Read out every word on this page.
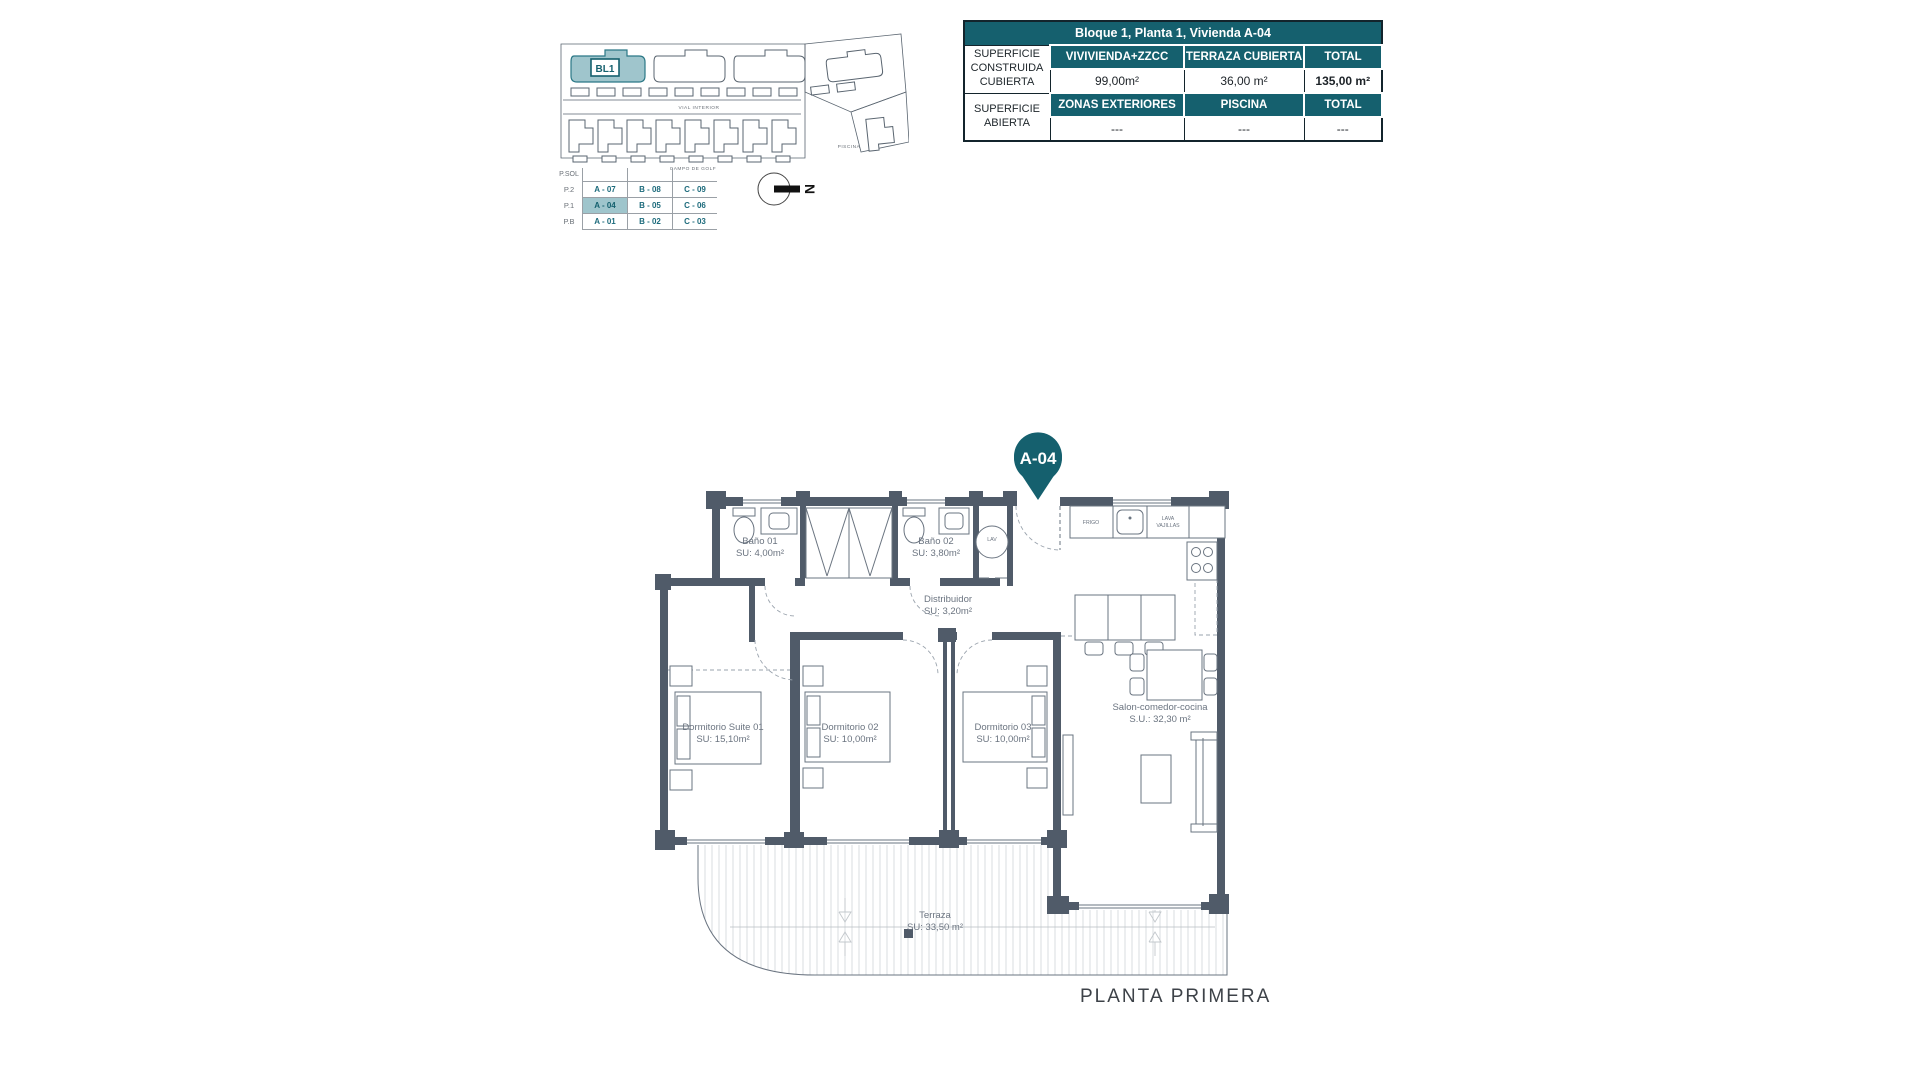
BL1
VIAL INTERIOR
CAMPO DE GOLF
PISCINA
P.SOL			
P.2	A - 07	B - 08	C - 09
P.1	A - 04	B - 05	C - 06
P.B	A - 01	B - 02	C - 03
N
Bloque 1, Planta 1, Vivienda A-04			

SUPERFICIE
CONSTRUIDA
CUBIERTA	VIVIVIENDA+ZZCC	TERRAZA CUBIERTA	TOTAL
	99,00m²	36,00 m²	135,00 m²

SUPERFICIE
ABIERTA	ZONAS EXTERIORES	PISCINA	TOTAL
	---	---	---
LAV
FRIGO
LAVA
VAJILLAS
Baño 01
SU: 4,00m²
Baño 02
SU: 3,80m²
Distribuidor
SU: 3,20m²
Dormitorio Suite 01
SU: 15,10m²
Dormitorio 02
SU: 10,00m²
Dormitorio 03
SU: 10,00m²
Salon-comedor-cocina
S.U.: 32,30 m²
Terraza
SU: 33,50 m²
A-04
PLANTA PRIMERA
